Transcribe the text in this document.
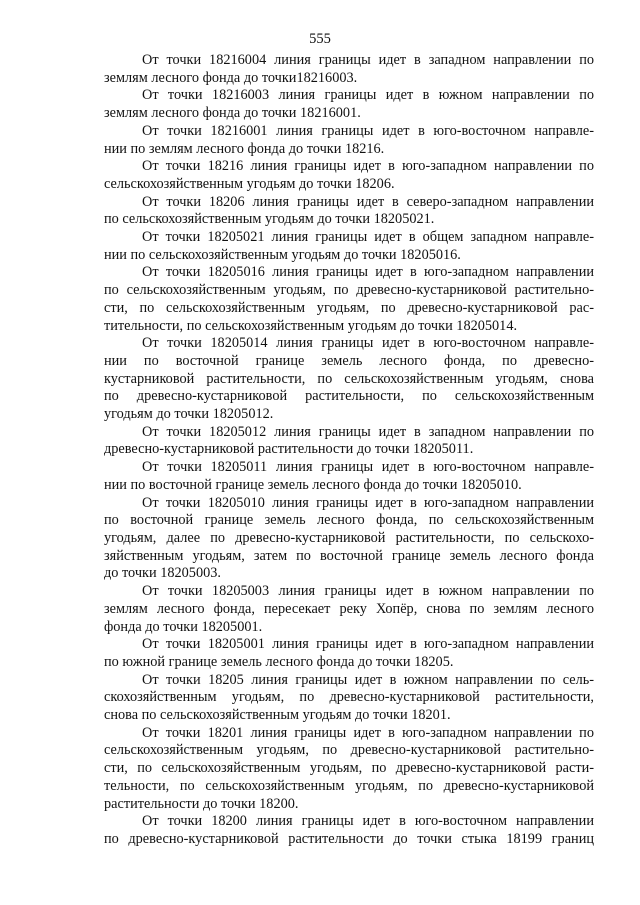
555

От точки 18216004 линия границы идет в западном направлении по
землям лесного фонда до точки18216003.

От точки 18216003 линия границы идет в южном направлении по
землям лесного фонда до точки 18216001.

От точки 18216001 линия границы идет в юго-восточном направле-
нии по землям лесного фонда до точки 18216.

От точки 18216 линия границы идет в юго-западном направлении по
сельскохозяйственным угодьям до точки 18206.

От точки 18206 линия границы идет в северо-западном направлении
по сельскохозяйственным угодьям до точки 18205021.

От точки 18205021 линия границы идет в общем западном направле-
нии по сельскохозяйственным угодьям до точки 18205016.

От точки 18205016 линия границы идет в юго-западном направлении
по сельскохозяйственным угодьям, по древесно-кустарниковой растительно-
сти, по сельскохозяйственным угодьям, по древесно-кустарниковой рас-
тительности, по сельскохозяйственным угодьям до точки 18205014.

От точки 18205014 линия границы идет в юго-восточном направле-
нии по восточной границе земель лесного фонда, по древесно-
кустарниковой растительности, по сельскохозяйственным угодьям, снова
по древесно-кустарниковой растительности, по сельскохозяйственным
угодьям до точки 18205012.

От точки 18205012 линия границы идет в западном направлении по
древесно-кустарниковой растительности до точки 18205011.

От точки 18205011 линия границы идет в юго-восточном направле-
нии по восточной границе земель лесного фонда до точки 18205010.

От точки 18205010 линия границы идет в юго-западном направлении
по восточной границе земель лесного фонда, по сельскохозяйственным
угодьям, далее по древесно-кустарниковой растительности, по сельскохо-
зяйственным угодьям, затем по восточной границе земель лесного фонда
до точки 18205003.

От точки 18205003 линия границы идет в южном направлении по
землям лесного фонда, пересекает реку Хопёр, снова по землям лесного
фонда до точки 18205001.

От точки 18205001 линия границы идет в юго-западном направлении
по южной границе земель лесного фонда до точки 18205.

От точки 18205 линия границы идет в южном направлении по сель-
скохозяйственным угодьям, по древесно-кустарниковой растительности,
снова по сельскохозяйственным угодьям до точки 18201.

От точки 18201 линия границы идет в юго-западном направлении по
сельскохозяйственным угодьям, по древесно-кустарниковой растительно-
сти, по сельскохозяйственным угодьям, по древесно-кустарниковой расти-
тельности, по сельскохозяйственным угодьям, по древесно-кустарниковой
растительности до точки 18200.

От точки 18200 линия границы идет в юго-восточном направлении
по древесно-кустарниковой растительности до точки стыка 18199 границ
